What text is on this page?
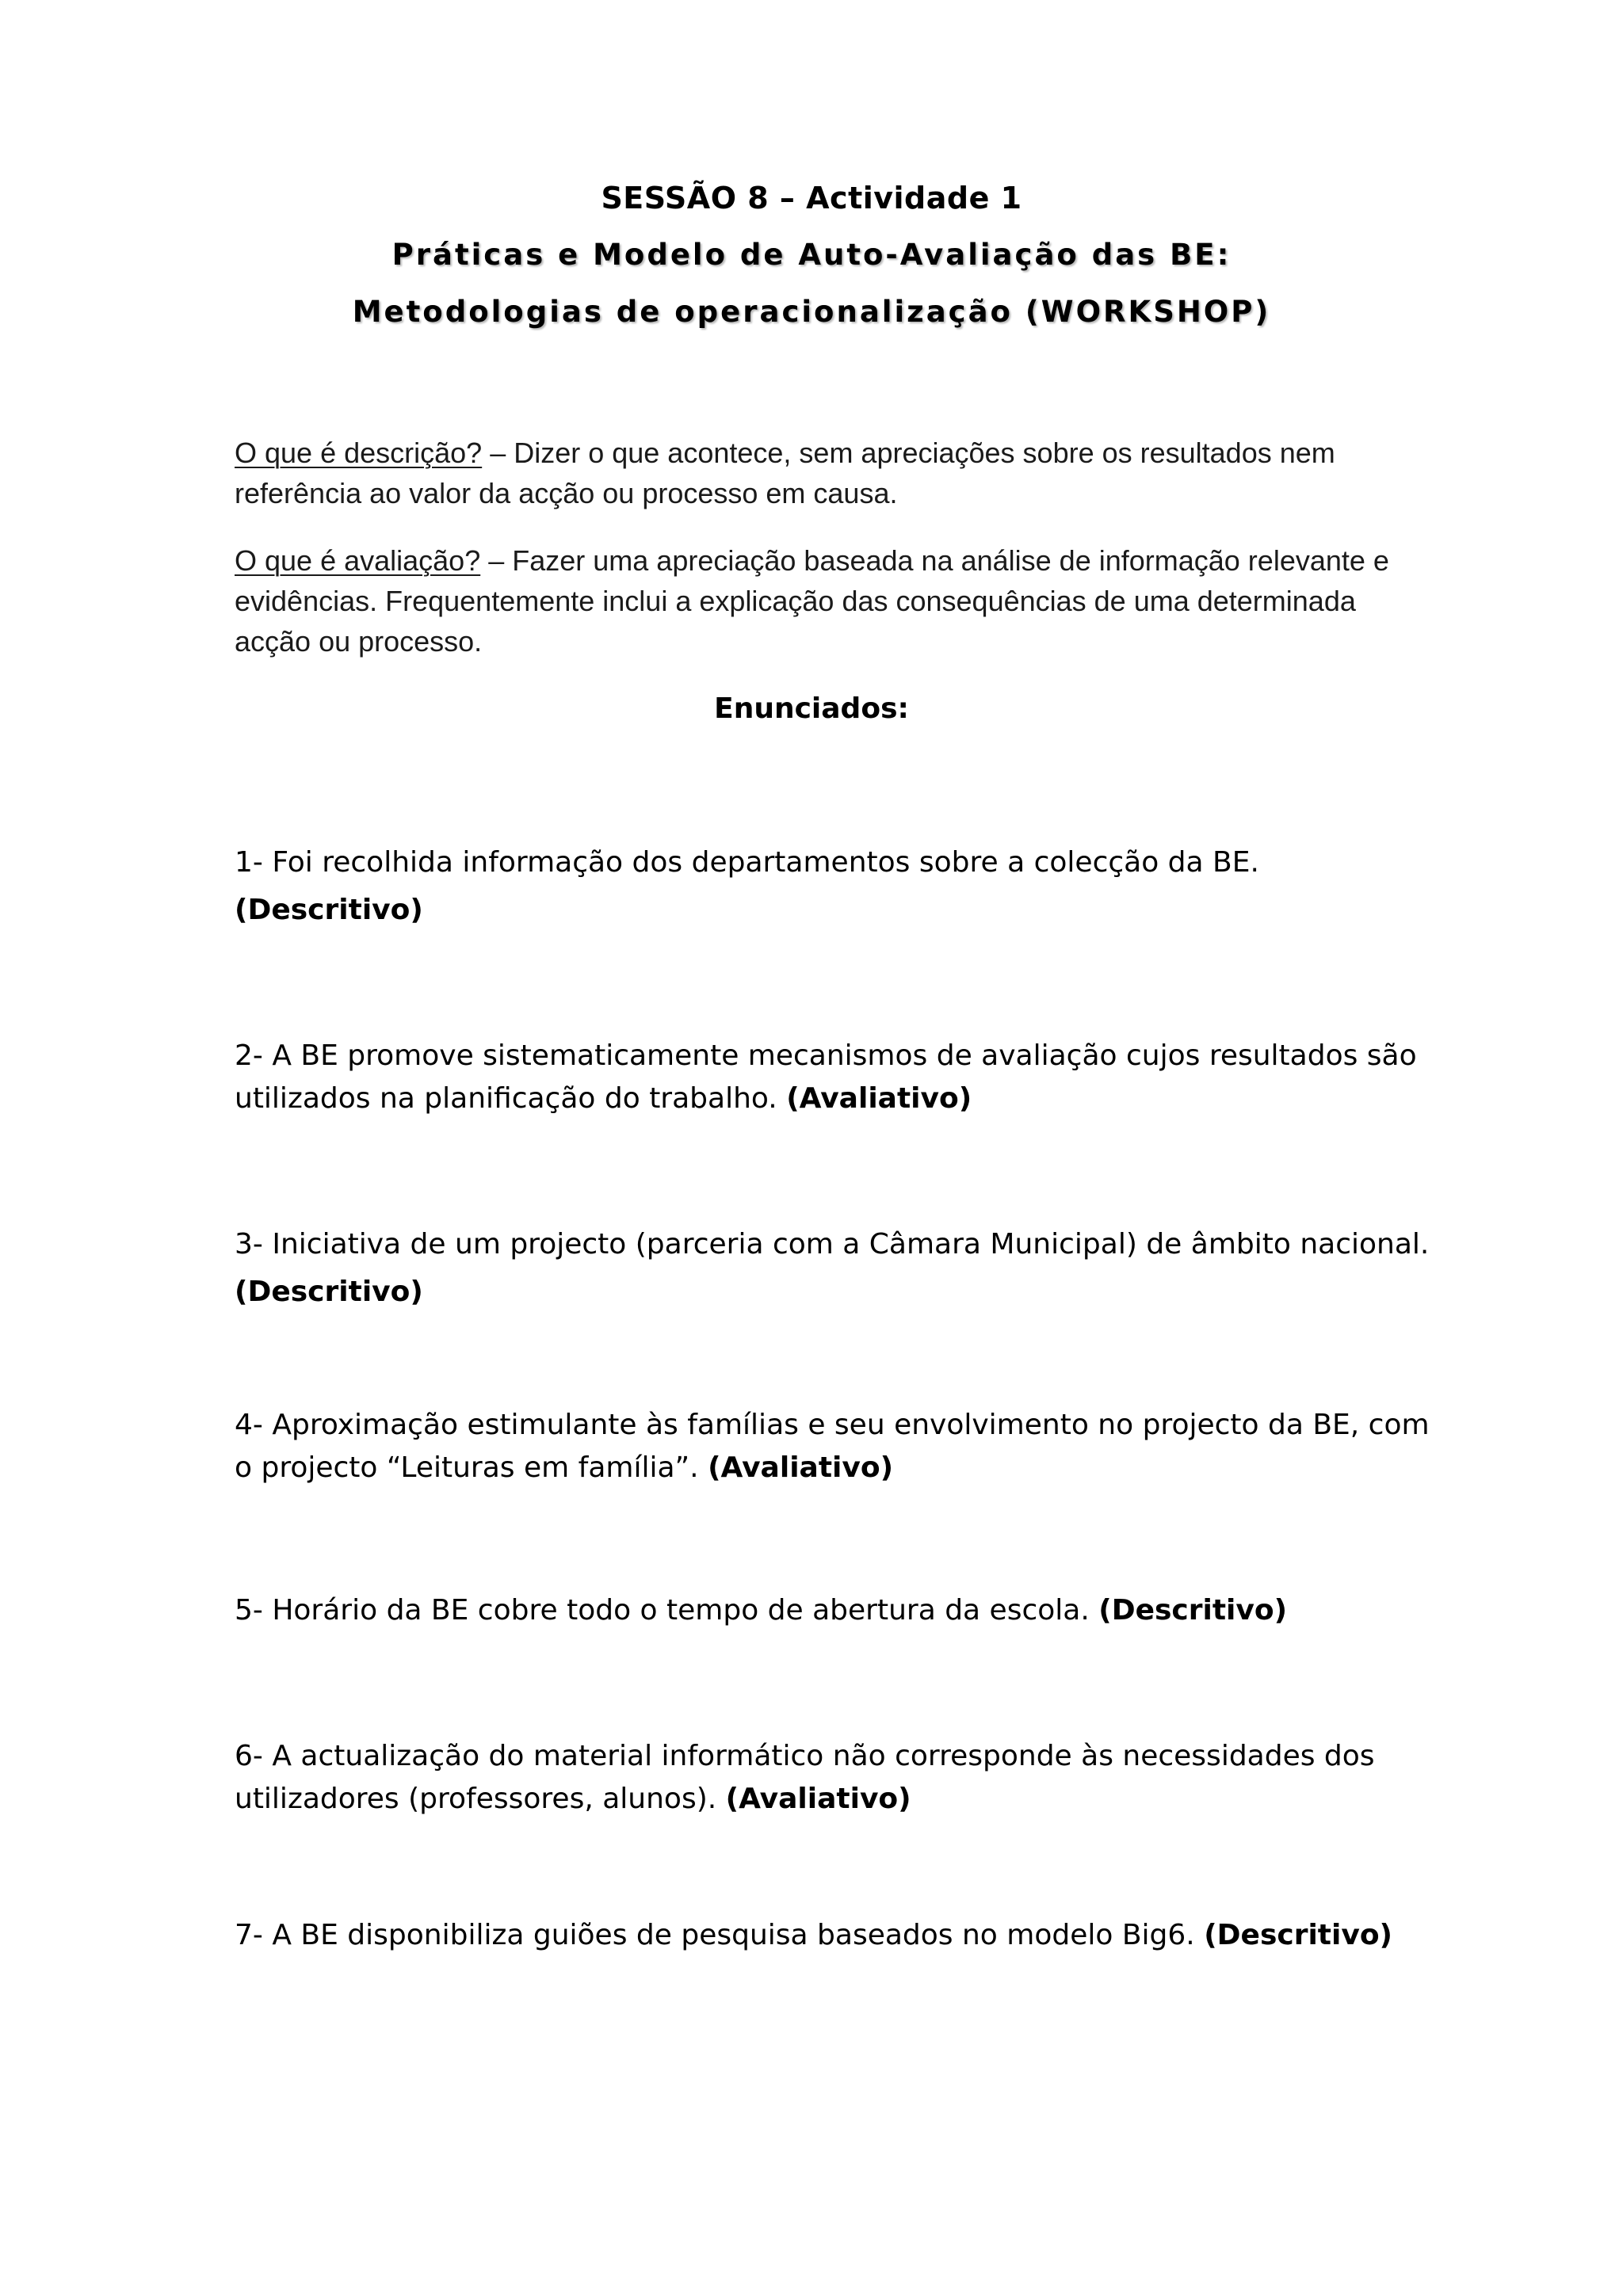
SESSÃO 8 – Actividade 1
Práticas e Modelo de Auto-Avaliação das BE:
Metodologias de operacionalização (WORKSHOP)
O que é descrição? – Dizer o que acontece, sem apreciações sobre os resultados nem referência ao valor da acção ou processo em causa.
O que é avaliação? – Fazer uma apreciação baseada na análise de informação relevante e evidências. Frequentemente inclui a explicação das consequências de uma determinada acção ou processo.
Enunciados:
1- Foi recolhida informação dos departamentos sobre a colecção da BE.
(Descritivo)
2- A BE promove sistematicamente mecanismos de avaliação cujos resultados são utilizados na planificação do trabalho. (Avaliativo)
3- Iniciativa de um projecto (parceria com a Câmara Municipal) de âmbito nacional.
(Descritivo)
4- Aproximação estimulante às famílias e seu envolvimento no projecto da BE, com o projecto “Leituras em família”. (Avaliativo)
5- Horário da BE cobre todo o tempo de abertura da escola. (Descritivo)
6- A actualização do material informático não corresponde às necessidades dos utilizadores (professores, alunos). (Avaliativo)
7- A BE disponibiliza guiões de pesquisa baseados no modelo Big6. (Descritivo)
